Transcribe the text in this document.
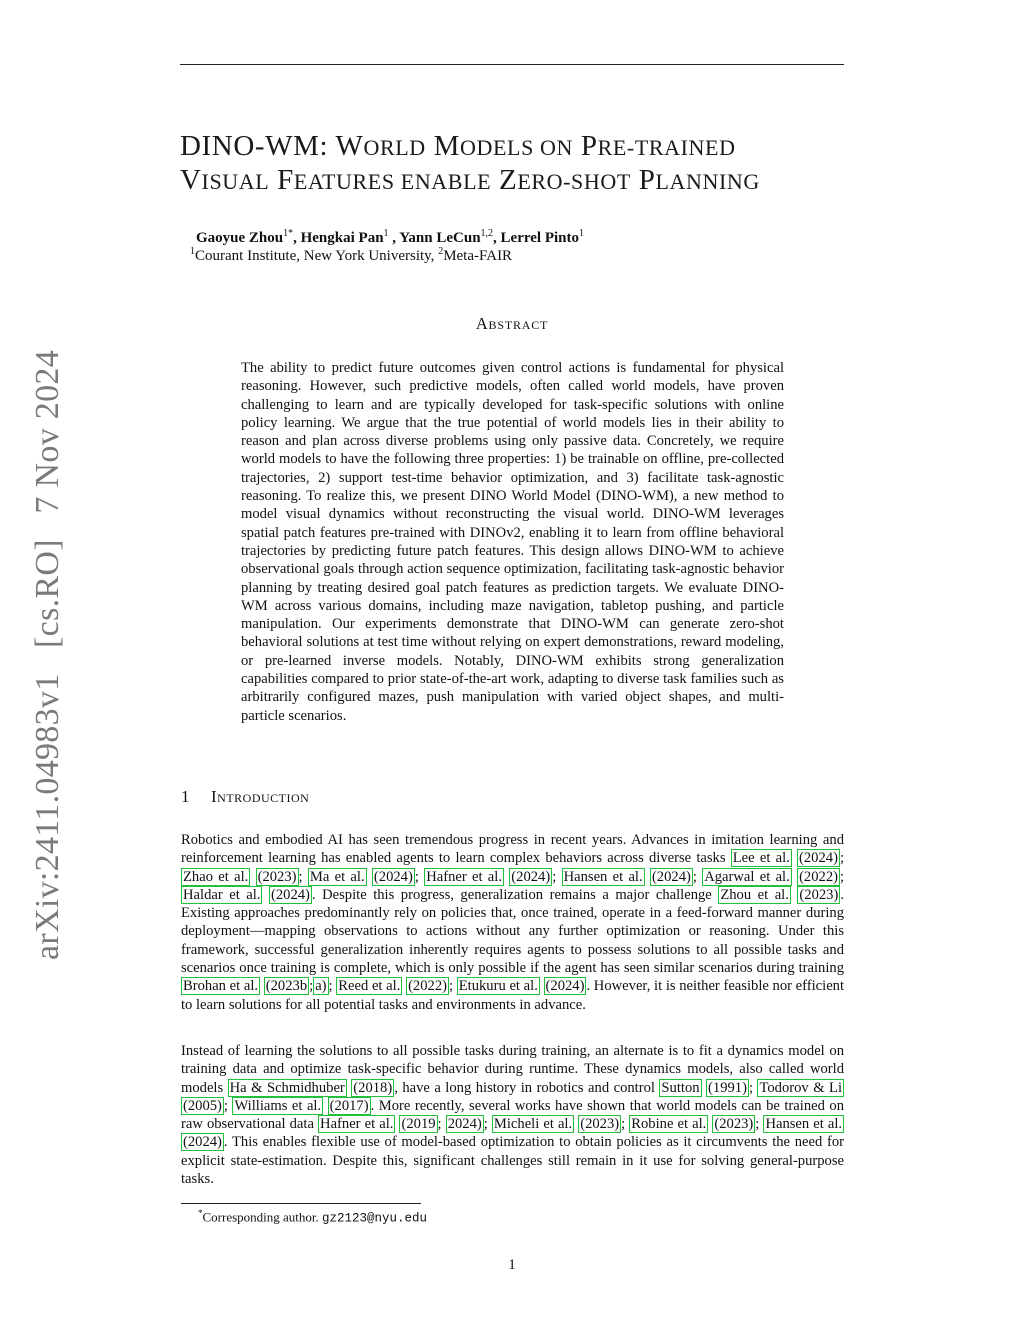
arXiv:2411.04983v1
[cs.RO]
7 Nov 2024
DINO-WM: WORLD MODELS ON PRE-TRAINED
VISUAL FEATURES ENABLE ZERO-SHOT PLANNING
Gaoyue Zhou$^{1*}$, Hengkai Pan$^1$ , Yann LeCun$^{1,2}$, Lerrel Pinto$^1$
$^1$Courant Institute, New York University, $^2$Meta-FAIR
Abstract
The ability to predict future outcomes given control actions is fundamental for physical reasoning. However, such predictive models, often called world models, have proven challenging to learn and are typically developed for task-specific solutions with online policy learning. We argue that the true potential of world models lies in their ability to reason and plan across diverse problems using only passive data. Concretely, we require world models to have the following three properties: 1) be trainable on offline, pre-collected trajectories, 2) support test-time behavior optimization, and 3) facilitate task-agnostic reasoning. To realize this, we present DINO World Model (DINO-WM), a new method to model visual dynamics without reconstructing the visual world. DINO-WM leverages spatial patch features pre-trained with DINOv2, enabling it to learn from offline behavioral trajectories by predicting future patch features. This design allows DINO-WM to achieve observational goals through action sequence optimization, facilitating task-agnostic behavior planning by treating desired goal patch features as prediction targets. We evaluate DINO-WM across various domains, including maze navigation, tabletop pushing, and particle manipulation. Our experiments demonstrate that DINO-WM can generate zero-shot behavioral solutions at test time without relying on expert demonstrations, reward modeling, or pre-learned inverse models. Notably, DINO-WM exhibits strong generalization capabilities compared to prior state-of-the-art work, adapting to diverse task families such as arbitrarily configured mazes, push manipulation with varied object shapes, and multi-particle scenarios.
1 Introduction
Robotics and embodied AI has seen tremendous progress in recent years. Advances in imitation learning and reinforcement learning has enabled agents to learn complex behaviors across diverse tasks Lee et al. (2024) ; Zhao et al. (2023) ; Ma et al. (2024) ; Hafner et al. (2024) ; Hansen et al. (2024) ; Agarwal et al. (2022) ; Haldar et al. (2024) . Despite this progress, generalization remains a major challenge Zhou et al. (2023) . Existing approaches predominantly rely on policies that, once trained, operate in a feed-forward manner during deployment—mapping observations to actions without any further optimization or reasoning. Under this framework, successful generalization inherently requires agents to possess solutions to all possible tasks and scenarios once training is complete, which is only possible if the agent has seen similar scenarios during training Brohan et al. (2023b ; a) ; Reed et al. (2022) ; Etukuru et al. (2024) . However, it is neither feasible nor efficient to learn solutions for all potential tasks and environments in advance.
Instead of learning the solutions to all possible tasks during training, an alternate is to fit a dynamics model on training data and optimize task-specific behavior during runtime. These dynamics models, also called world models Ha & Schmidhuber (2018) , have a long history in robotics and control Sutton (1991) ; Todorov & Li (2005) ; Williams et al. (2017) . More recently, several works have shown that world models can be trained on raw observational data Hafner et al. (2019 ; 2024) ; Micheli et al. (2023) ; Robine et al. (2023) ; Hansen et al. (2024) . This enables flexible use of model-based optimization to obtain policies as it circumvents the need for explicit state-estimation. Despite this, significant challenges still remain in it use for solving general-purpose tasks.
*Corresponding author. gz2123@nyu.edu
1
